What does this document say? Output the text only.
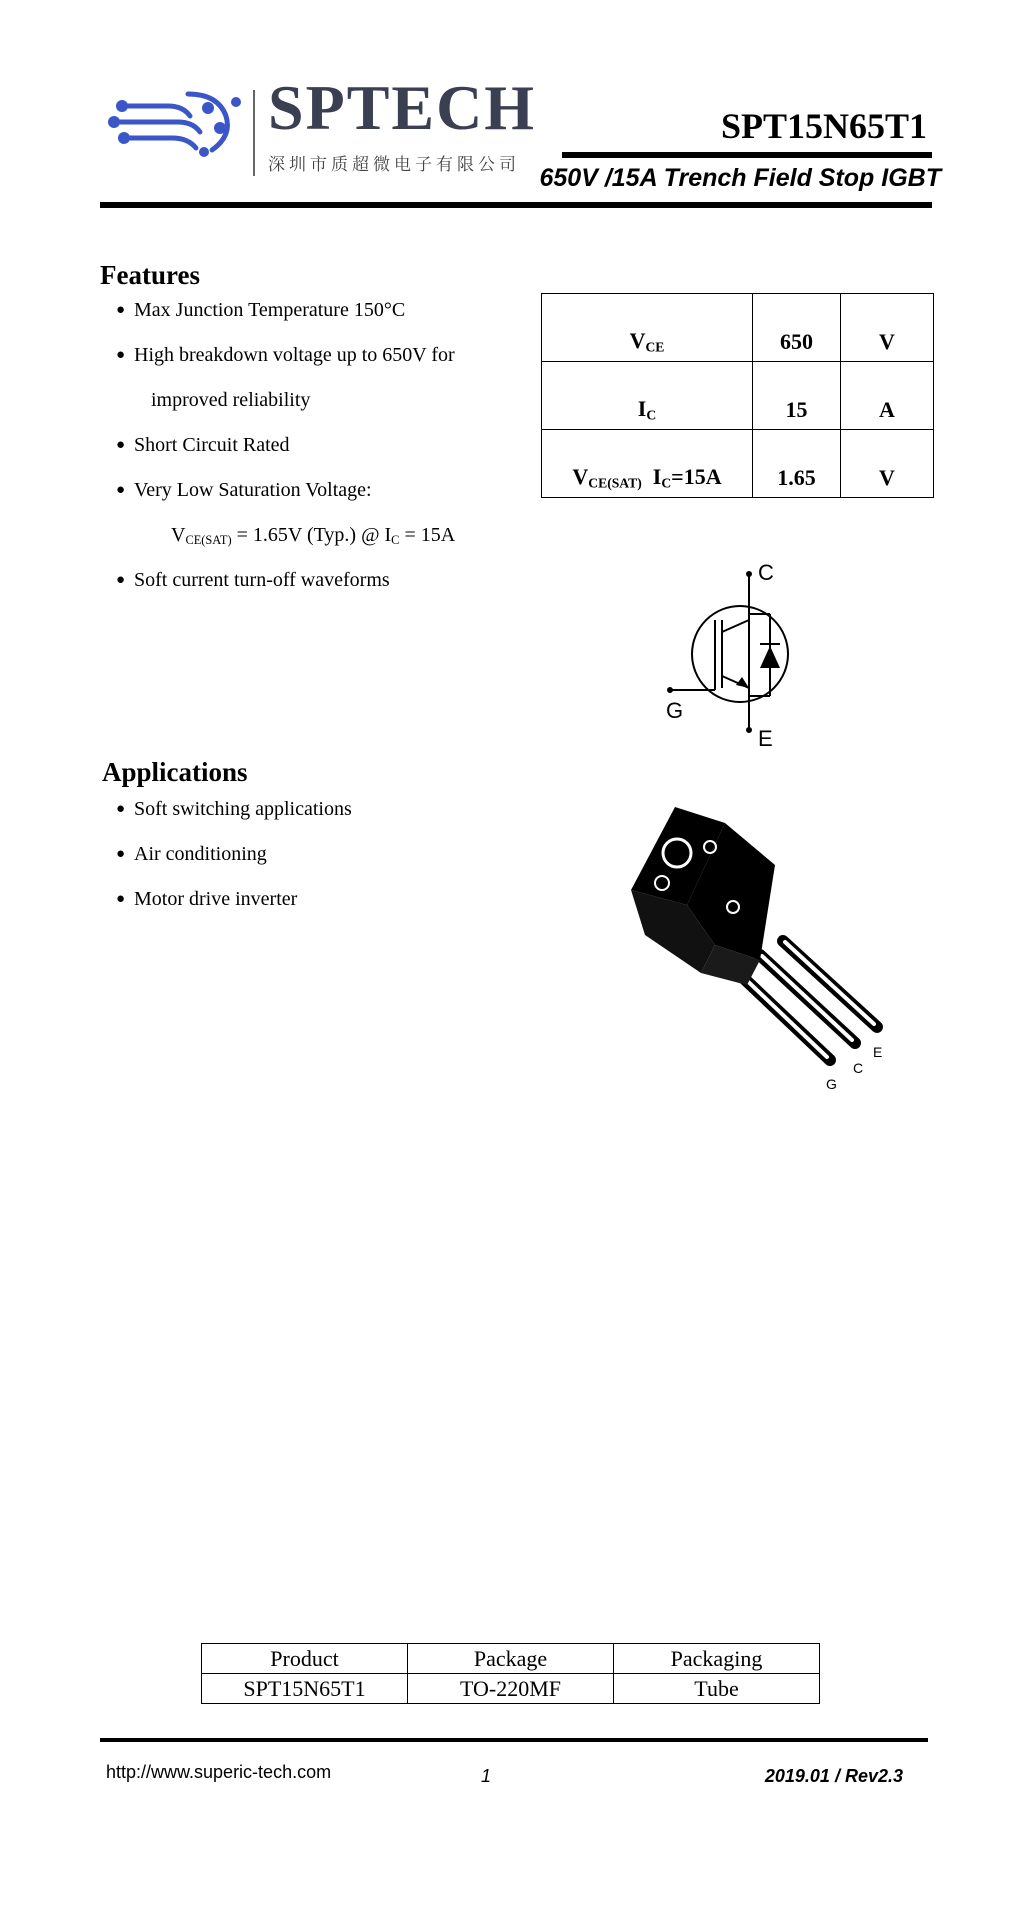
SPTECH
深圳市质超微电子有限公司
SPT15N65T1
650V /15A Trench Field Stop IGBT
Features
● Max Junction Temperature 150°C
● High breakdown voltage up to 650V for
improved reliability
● Short Circuit Rated
● Very Low Saturation Voltage:
$V_{CE(SAT)} = 1.65V$ (Typ.) @ $I_C = 15A$
● Soft current turn-off waveforms
$V_{CE}$	650	V
$I_C$	15	A
$V_{CE(SAT)}$ $I_C=15A$	1.65	V
C
G
E
Applications
● Soft switching applications
● Air conditioning
● Motor drive inverter
E
C
G
Product	Package	Packaging
SPT15N65T1	TO-220MF	Tube
http://www.superic-tech.com	1	2019.01 / Rev2.3
